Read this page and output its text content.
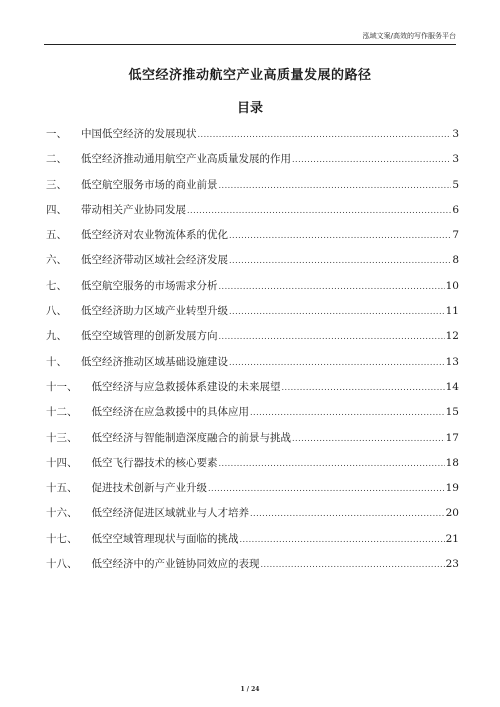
泓域文案/高效的写作服务平台
低空经济推动航空产业高质量发展的路径
目录
一、 中国低空经济的发展现状 .....	3
二、 低空经济推动通用航空产业高质量发展的作用 .....	3
三、 低空航空服务市场的商业前景 .....	5
四、 带动相关产业协同发展 .....	6
五、 低空经济对农业物流体系的优化 .....	7
六、 低空经济带动区域社会经济发展 .....	8
七、 低空航空服务的市场需求分析 .....	10
八、 低空经济助力区域产业转型升级 .....	11
九、 低空空域管理的创新发展方向 .....	12
十、 低空经济推动区域基础设施建设 .....	13
十一、 低空经济与应急救援体系建设的未来展望 .....	14
十二、 低空经济在应急救援中的具体应用 .....	15
十三、 低空经济与智能制造深度融合的前景与挑战 .....	17
十四、 低空飞行器技术的核心要素 .....	18
十五、 促进技术创新与产业升级 .....	19
十六、 低空经济促进区域就业与人才培养 .....	20
十七、 低空空域管理现状与面临的挑战 .....	21
十八、 低空经济中的产业链协同效应的表现 .....	23
1 / 24
